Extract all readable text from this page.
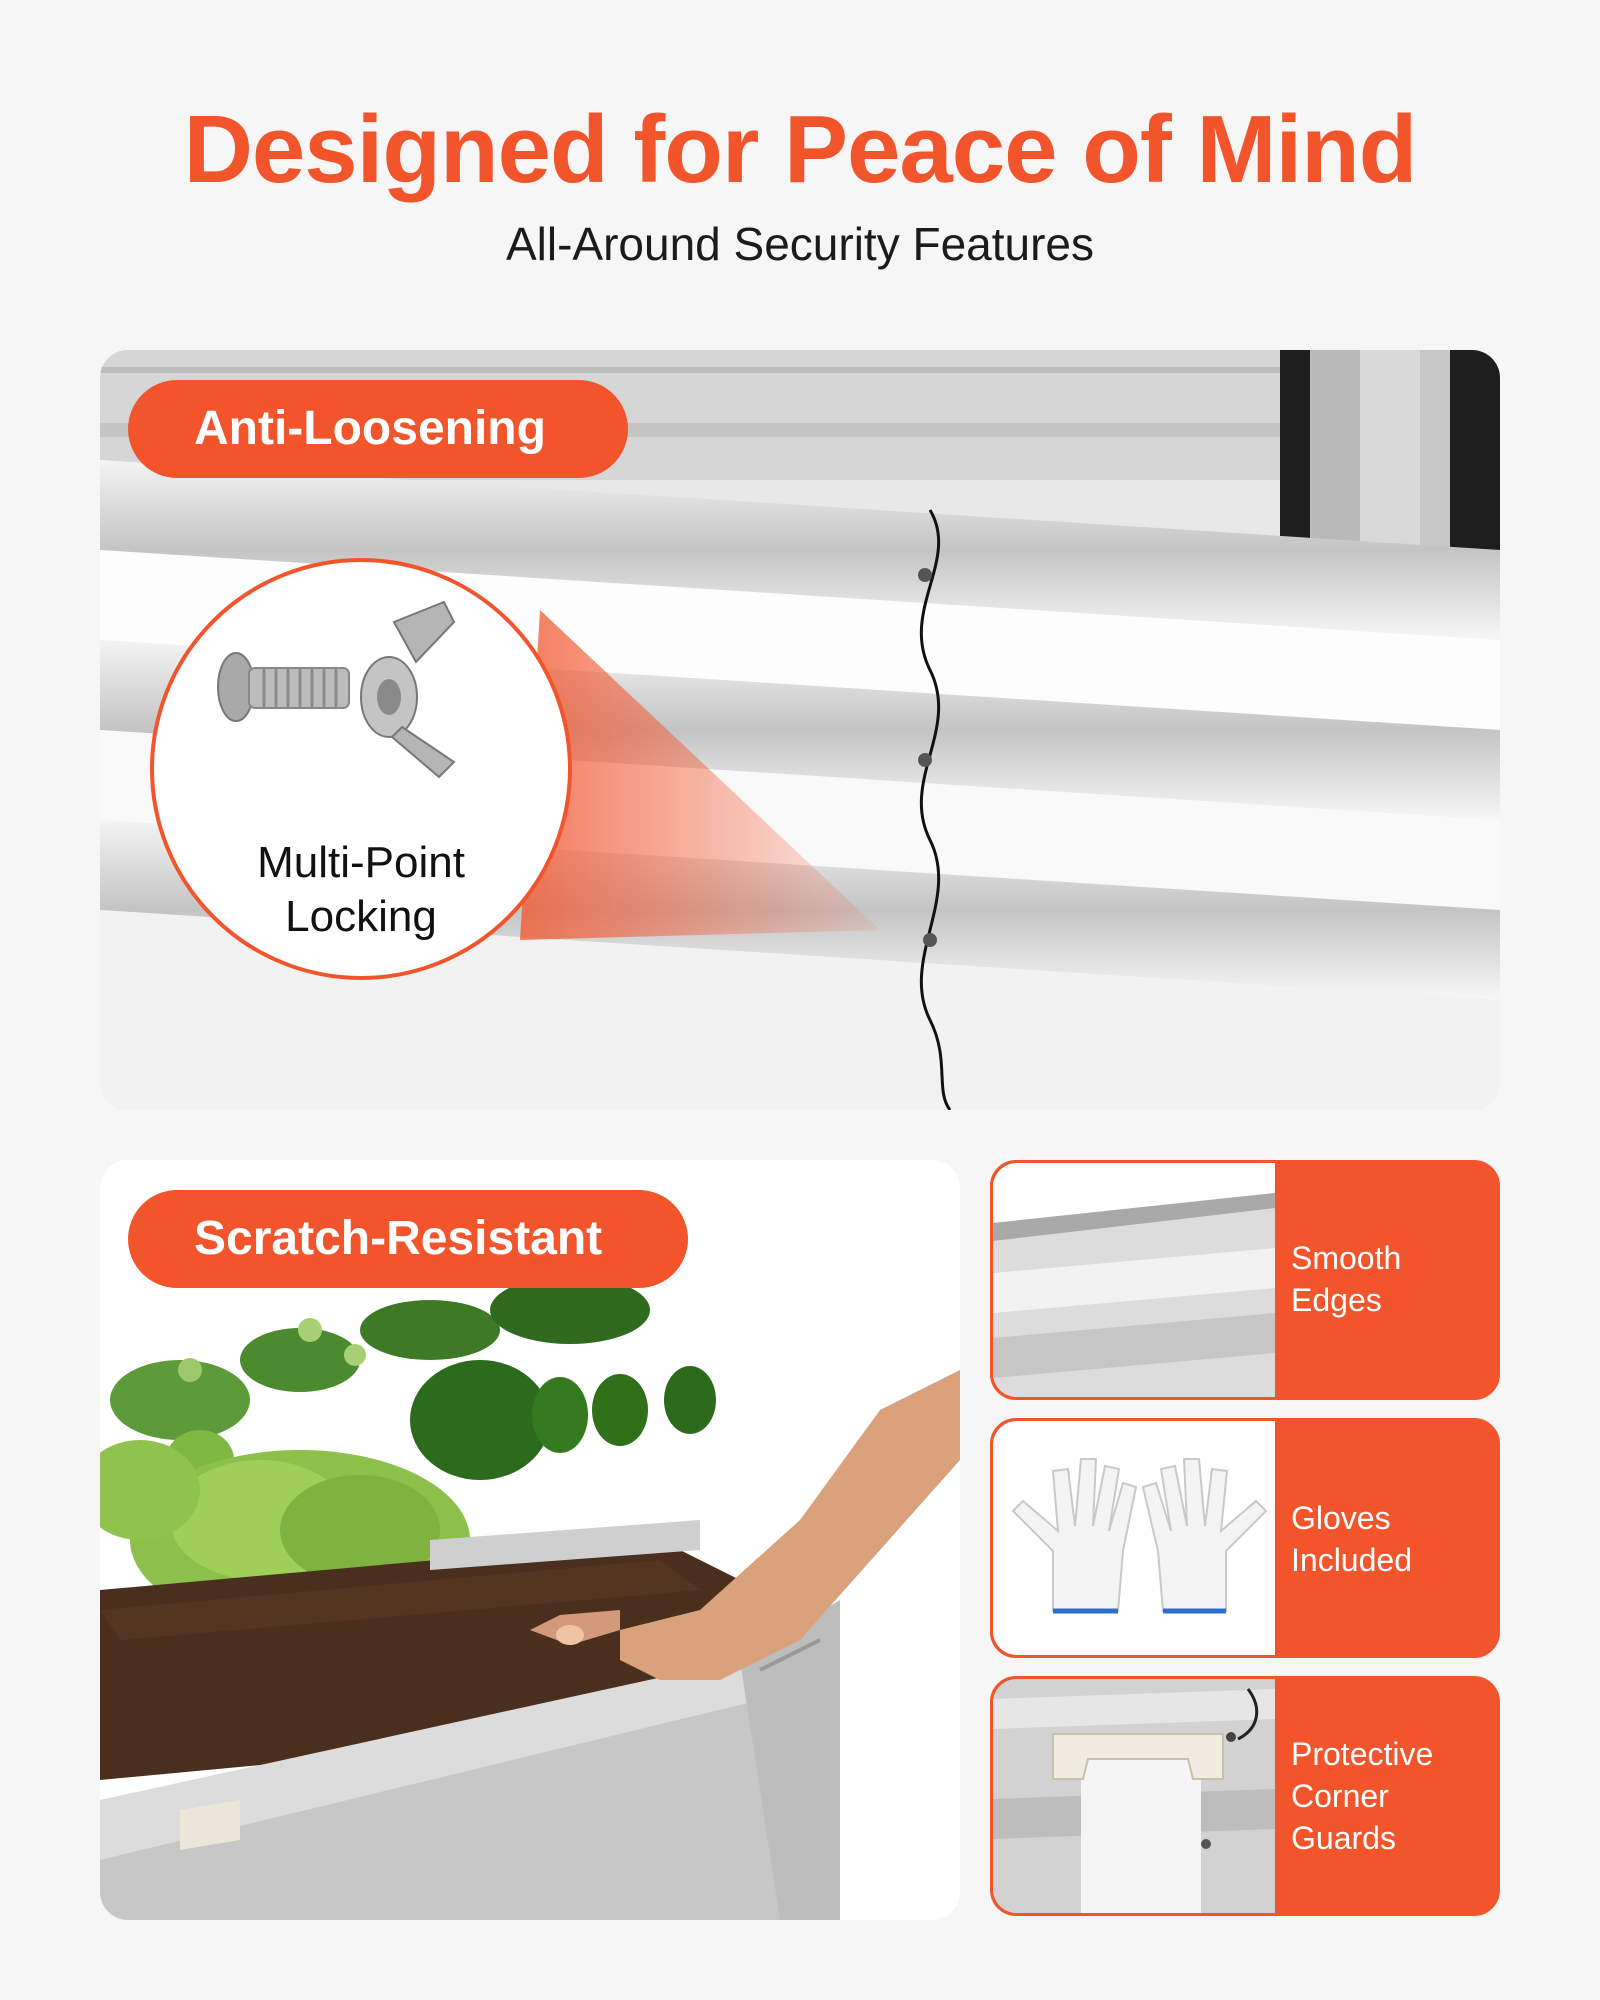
Designed for Peace of Mind
All-Around Security Features
Anti-Loosening
Multi-Point
Locking
Scratch-Resistant	Smooth
Edges
Gloves
Included
Protective
Corner
Guards
